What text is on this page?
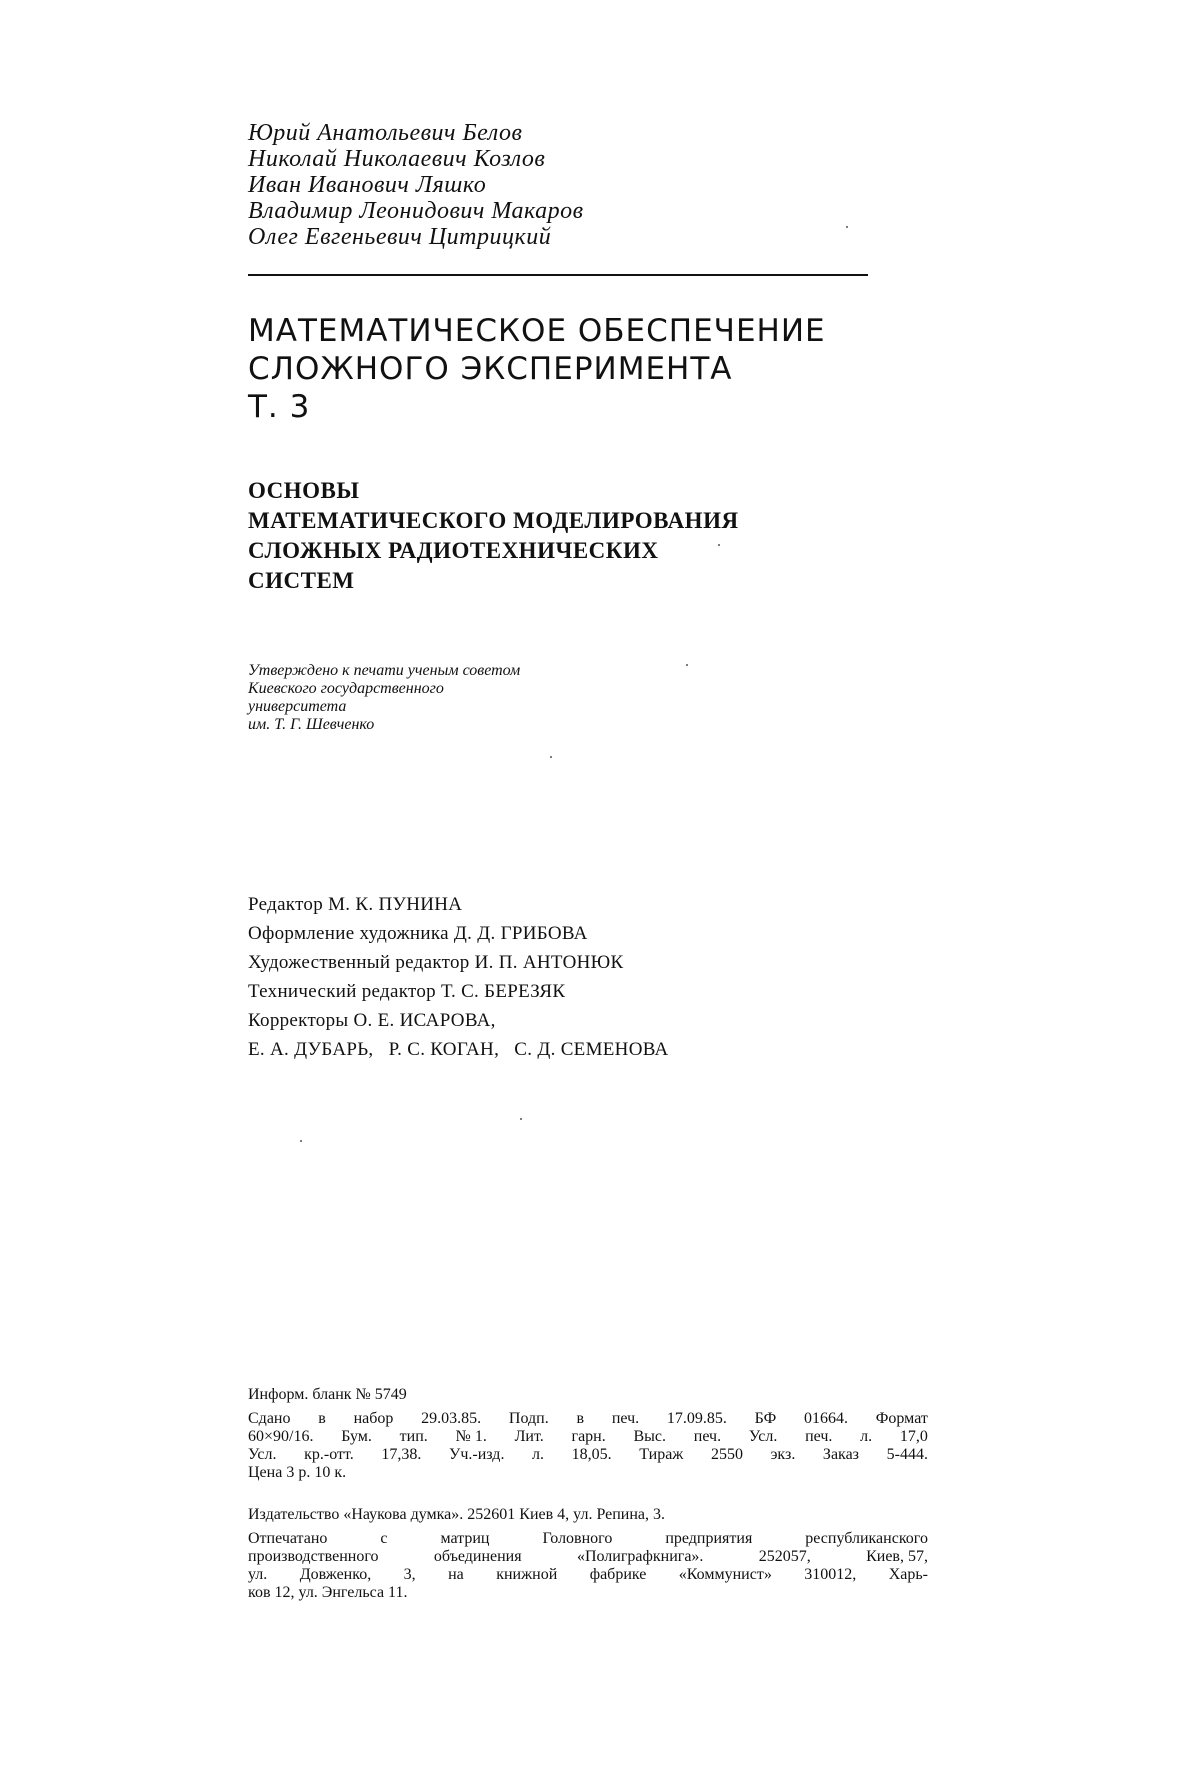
Юрий Анатольевич Белов
Николай Николаевич Козлов
Иван Иванович Ляшко
Владимир Леонидович Макаров
Олег Евгеньевич Цитрицкий
МАТЕМАТИЧЕСКОЕ ОБЕСПЕЧЕНИЕ
СЛОЖНОГО ЭКСПЕРИМЕНТА
Т. 3
ОСНОВЫ
МАТЕМАТИЧЕСКОГО МОДЕЛИРОВАНИЯ
СЛОЖНЫХ РАДИОТЕХНИЧЕСКИХ
СИСТЕМ
Утверждено к печати ученым советом
Киевского государственного
университета
им. Т. Г. Шевченко
Редактор М. К. ПУНИНА
Оформление художника Д. Д. ГРИБОВА
Художественный редактор И. П. АНТОНЮК
Технический редактор Т. С. БЕРЕЗЯК
Корректоры О. Е. ИСАРОВА,
Е. А. ДУБАРЬ,   Р. С. КОГАН,   С. Д. СЕМЕНОВА
Информ. бланк № 5749
Сдано в набор 29.03.85. Подп. в печ. 17.09.85. БФ 01664. Формат
60×90/16. Бум. тип. № 1. Лит. гарн. Выс. печ. Усл. печ. л. 17,0
Усл. кр.-отт. 17,38. Уч.-изд. л. 18,05. Тираж 2550 экз. Заказ 5-444.
Цена 3 р. 10 к.
Издательство «Наукова думка». 252601 Киев 4, ул. Репина, 3.
Отпечатано	с	матриц	Головного	предприятия	республиканского
производственного	объединения	«Полиграфкнига».	252057,	Киев, 57,
ул. Довженко, 3, на книжной фабрике «Коммунист» 310012, Харь-
ков 12, ул. Энгельса 11.
